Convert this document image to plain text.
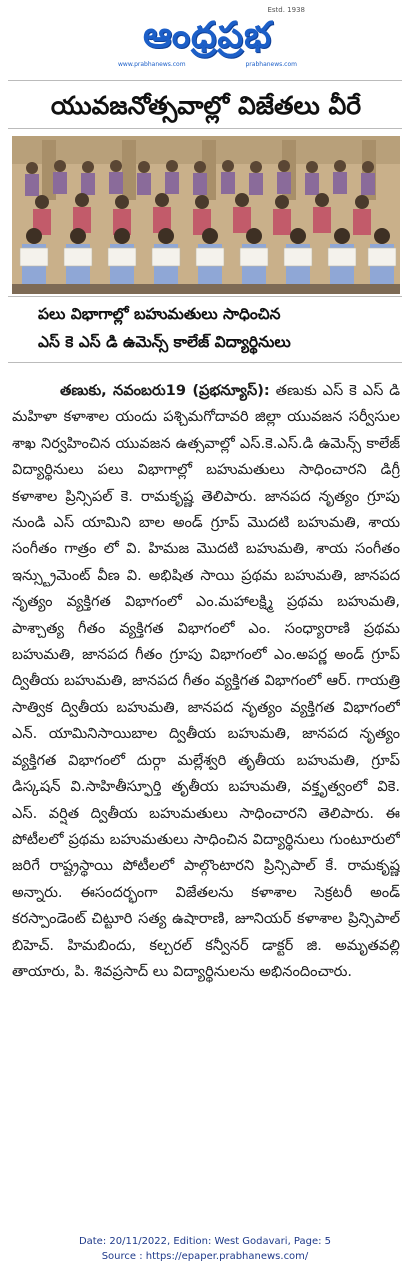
Estd. 1938
ఆంధ్రప్రభ
www.prabhanews.com	prabhanews.com
యువజనోత్సవాల్లో విజేతలు వీరే
పలు విభాగాల్లో బహుమతులు సాధించిన
ఎస్ కె ఎస్ డి ఉమెన్స్ కాలేజ్ విద్యార్థినులు
తణుకు, నవంబరు19 (ప్రభన్యూస్): తణుకు ఎస్ కె ఎస్ డి మహిళా కళాశాల యందు పశ్చిమగోదావరి జిల్లా యువజన సర్వీసుల శాఖ నిర్వహించిన యువజన ఉత్సవాల్లో ఎస్.కె.ఎస్.డి ఉమెన్స్ కాలేజ్ విద్యార్థినులు పలు విభాగాల్లో బహుమతులు సాధించారని డిగ్రీ కళాశాల ప్రిన్సిపల్ కె. రామకృష్ణ తెలిపారు. జానపద నృత్యం గ్రూపు నుండి ఎస్ యామిని బాల అండ్ గ్రూప్ మొదటి బహుమతి, శాయ సంగీతం గాత్రం లో వి. హిమజ మొదటి బహుమతి, శాయ సంగీతం ఇన్స్ట్రుమెంట్ వీణ వి. అభిషిత సాయి ప్రథమ బహుమతి, జానపద నృత్యం వ్యక్తిగత విభాగంలో ఎం.మహాలక్ష్మి ప్రథమ బహుమతి, పాశ్చాత్య గీతం వ్యక్తిగత విభాగంలో ఎం. సంధ్యారాణి ప్రథమ బహుమతి, జానపద గీతం గ్రూపు విభాగంలో ఎం.అపర్ణ అండ్ గ్రూప్ ద్వితీయ బహుమతి, జానపద గీతం వ్యక్తిగత విభాగంలో ఆర్. గాయత్రి సాత్విక ద్వితీయ బహుమతి, జానపద నృత్యం వ్యక్తిగత విభాగంలో ఎన్. యామినిసాయిబాల ద్వితీయ బహుమతి, జానపద నృత్యం వ్యక్తిగత విభాగంలో దుర్గా మల్లేశ్వరి తృతీయ బహుమతి, గ్రూప్ డిస్కషన్ వి.సాహితీస్ఫూర్తి తృతీయ బహుమతి, వక్తృత్వంలో వికె. ఎస్. వర్షిత ద్వితీయ బహుమతులు సాధించారని తెలిపారు. ఈ పోటీలలో ప్రథమ బహుమతులు సాధించిన విద్యార్థినులు గుంటూరులో జరిగే రాష్ట్రస్థాయి పోటీలలో పాల్గొంటారని ప్రిన్సిపాల్ కే. రామకృష్ణ అన్నారు. ఈసందర్భంగా విజేతలను కళాశాల సెక్రటరీ అండ్ కరస్పాండెంట్ చిట్టూరి సత్య ఉషారాణి, జూనియర్ కళాశాల ప్రిన్సిపాల్ బిహెచ్. హిమబిందు, కల్చరల్ కన్వీనర్ డాక్టర్ జి. అమృతవల్లి తాయారు, పి. శివప్రసాద్ లు విద్యార్థినులను అభినందించారు.
Date: 20/11/2022, Edition: West Godavari, Page: 5
Source : https://epaper.prabhanews.com/
